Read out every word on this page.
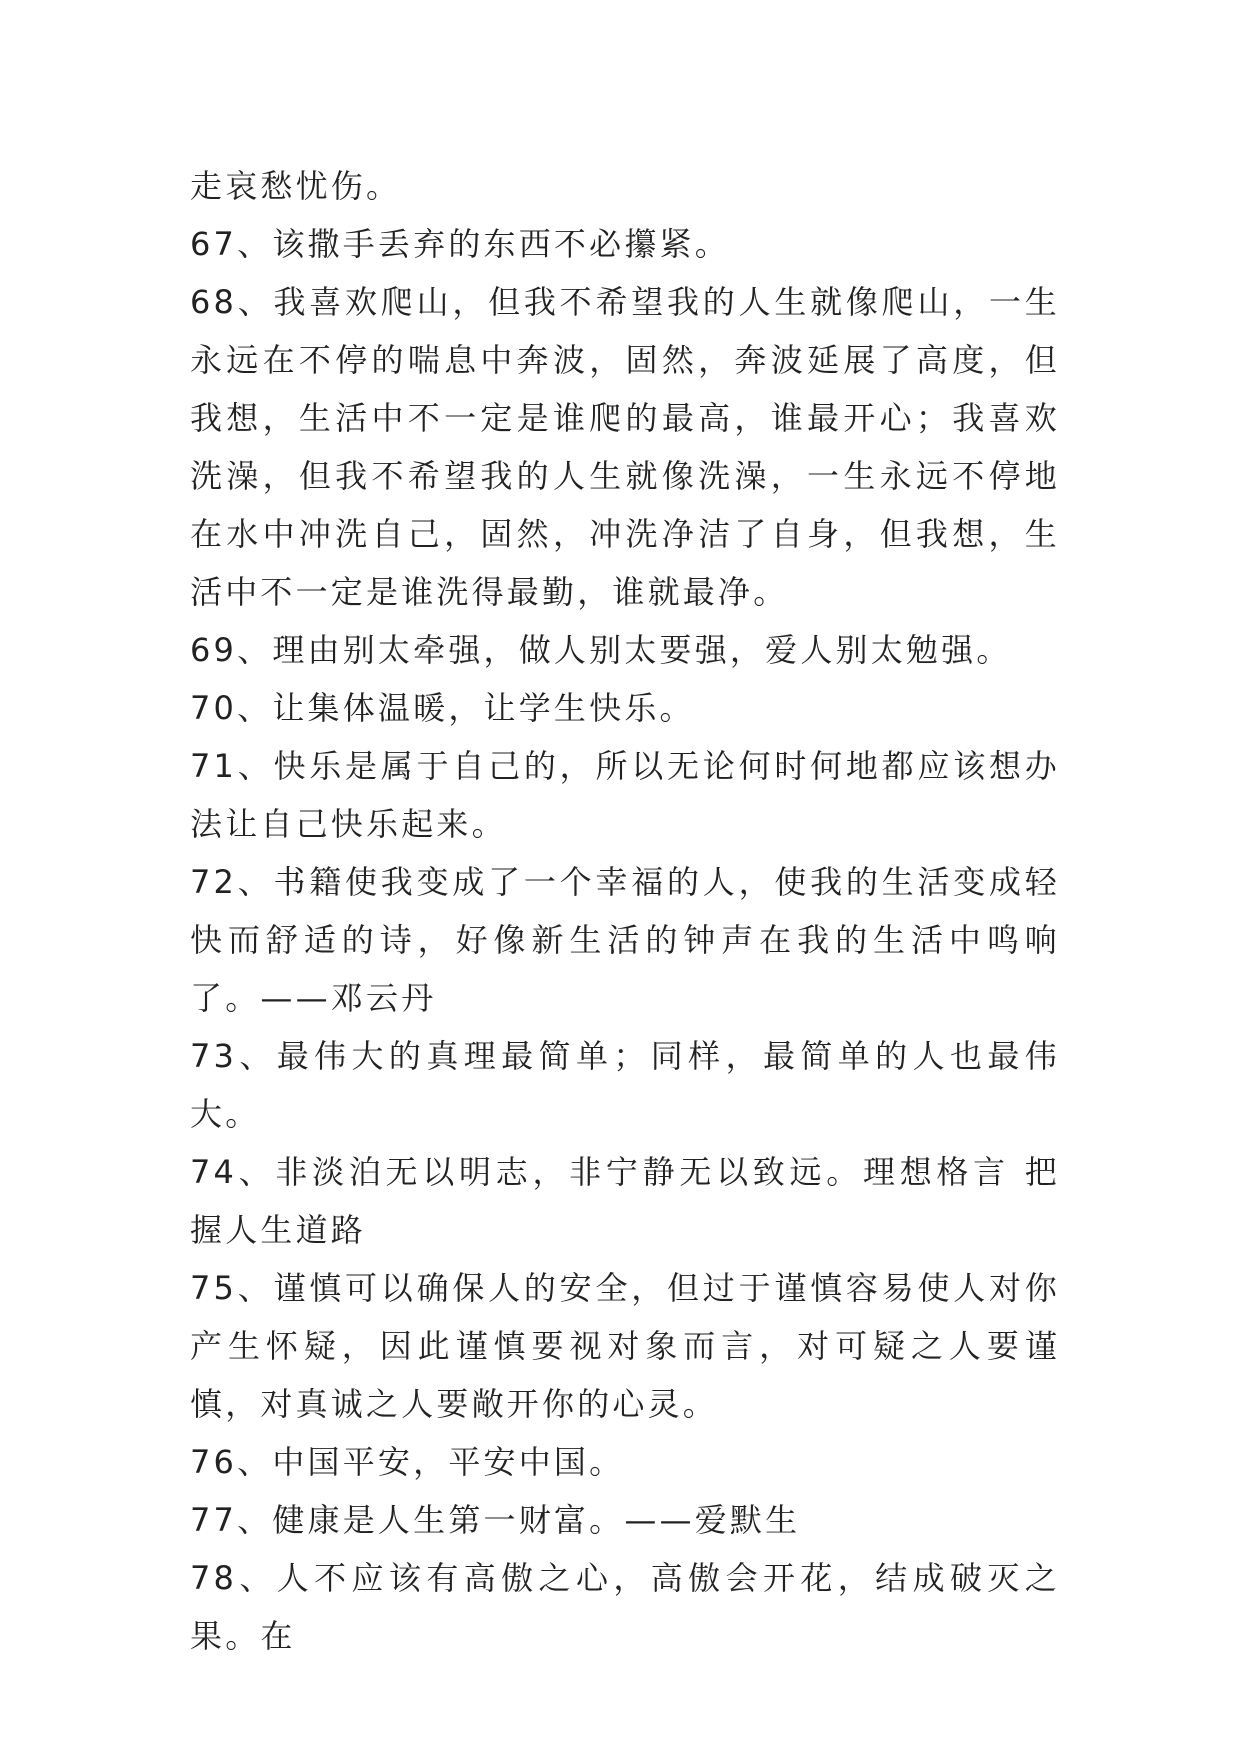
走哀愁忧伤。

67、该撒手丢弃的东西不必攥紧。

68、我喜欢爬山，但我不希望我的人生就像爬山，一生永远在不停的喘息中奔波，固然，奔波延展了高度，但我想，生活中不一定是谁爬的最高，谁最开心；我喜欢洗澡，但我不希望我的人生就像洗澡，一生永远不停地在水中冲洗自己，固然，冲洗净洁了自身，但我想，生活中不一定是谁洗得最勤，谁就最净。

69、理由别太牵强，做人别太要强，爱人别太勉强。

70、让集体温暖，让学生快乐。

71、快乐是属于自己的，所以无论何时何地都应该想办法让自己快乐起来。

72、书籍使我变成了一个幸福的人，使我的生活变成轻快而舒适的诗，好像新生活的钟声在我的生活中鸣响了。——邓云丹

73、最伟大的真理最简单；同样，最简单的人也最伟大。

74、非淡泊无以明志，非宁静无以致远。理想格言 把握人生道路

75、谨慎可以确保人的安全，但过于谨慎容易使人对你产生怀疑，因此谨慎要视对象而言，对可疑之人要谨慎，对真诚之人要敞开你的心灵。

76、中国平安，平安中国。

77、健康是人生第一财富。——爱默生

78、人不应该有高傲之心，高傲会开花，结成破灭之果。在
